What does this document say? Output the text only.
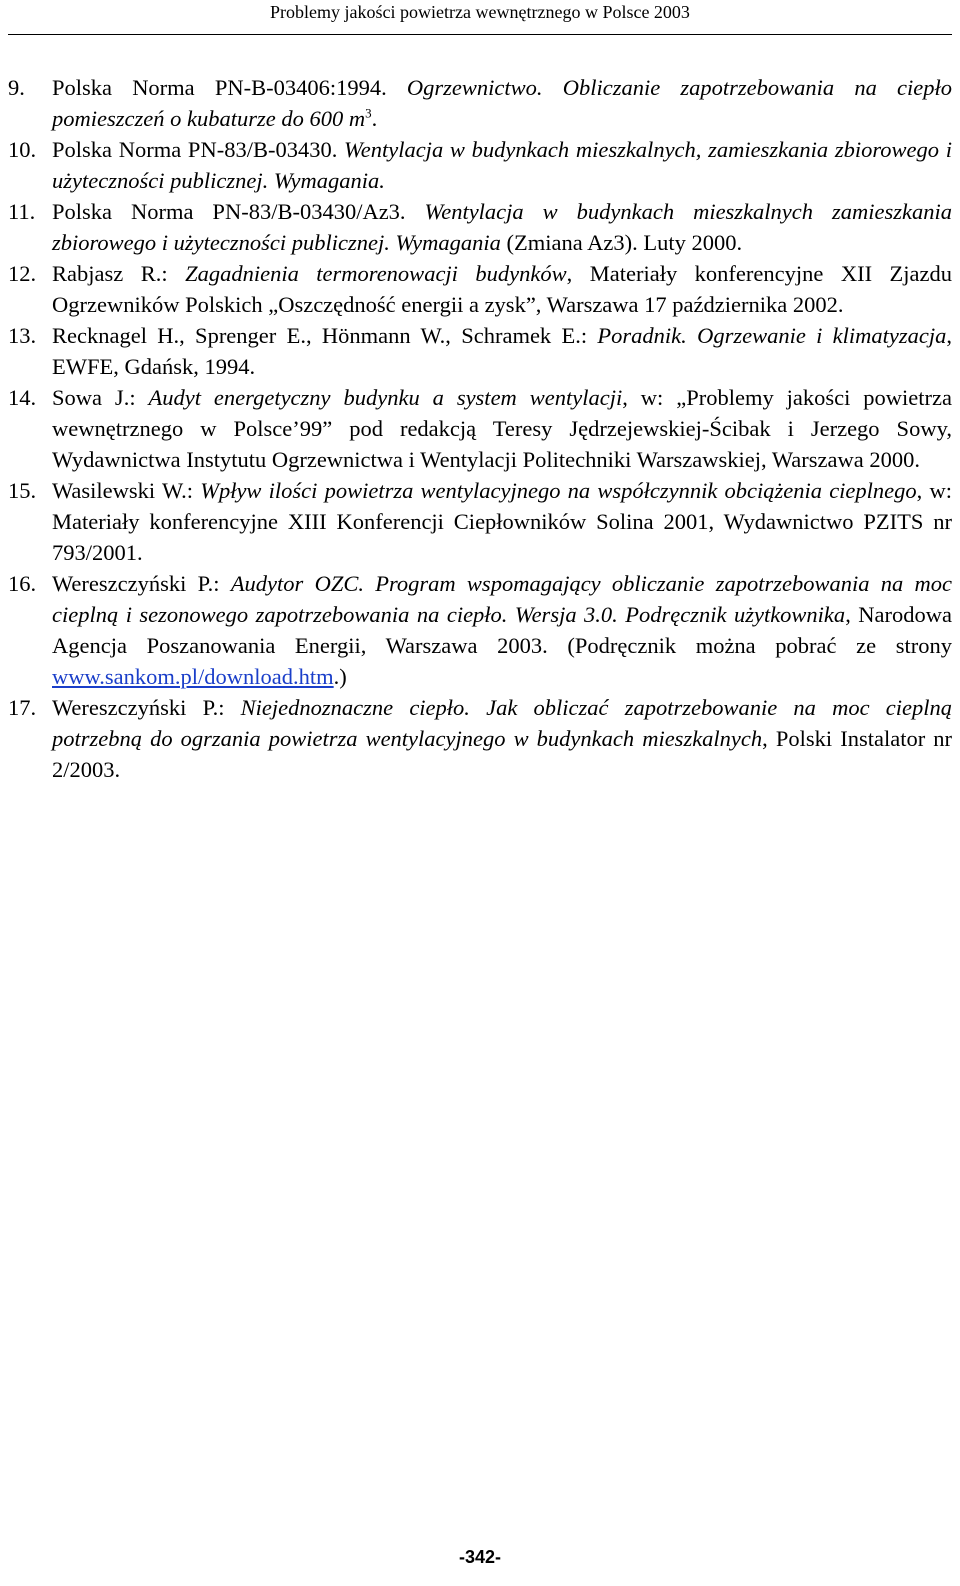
Problemy jakości powietrza wewnętrznego w Polsce 2003
9.	Polska Norma PN-B-03406:1994. Ogrzewnictwo. Obliczanie zapotrzebowania na ciepło pomieszczeń o kubaturze do 600 $m^3$.
10. Polska Norma PN-83/B-03430. Wentylacja w budynkach mieszkalnych, zamieszkania zbiorowego i użyteczności publicznej. Wymagania.
11. Polska Norma PN-83/B-03430/Az3. Wentylacja w budynkach mieszkalnych zamieszkania zbiorowego i użyteczności publicznej. Wymagania (Zmiana Az3). Luty 2000.
12. Rabjasz R.: Zagadnienia termorenowacji budynków, Materiały konferencyjne XII Zjazdu Ogrzewników Polskich „Oszczędność energii a zysk”, Warszawa 17 października 2002.
13. Recknagel H., Sprenger E., Hönmann W., Schramek E.: Poradnik. Ogrzewanie i klimatyzacja, EWFE, Gdańsk, 1994.
14. Sowa J.: Audyt energetyczny budynku a system wentylacji, w: „Problemy jakości powietrza wewnętrznego w Polsce’99” pod redakcją Teresy Jędrzejewskiej-Ścibak i Jerzego Sowy, Wydawnictwa Instytutu Ogrzewnictwa i Wentylacji Politechniki Warszawskiej, Warszawa 2000.
15. Wasilewski W.: Wpływ ilości powietrza wentylacyjnego na współczynnik obciążenia cieplnego, w: Materiały konferencyjne XIII Konferencji Ciepłowników Solina 2001, Wydawnictwo PZITS nr 793/2001.
16. Wereszczyński P.: Audytor OZC. Program wspomagający obliczanie zapotrzebowania na moc cieplną i sezonowego zapotrzebowania na ciepło. Wersja 3.0. Podręcznik użytkownika, Narodowa Agencja Poszanowania Energii, Warszawa 2003. (Podręcznik można pobrać ze strony www.sankom.pl/download.htm.)
17. Wereszczyński P.: Niejednoznaczne ciepło. Jak obliczać zapotrzebowanie na moc cieplną potrzebną do ogrzania powietrza wentylacyjnego w budynkach mieszkalnych, Polski Instalator nr 2/2003.
-342-
